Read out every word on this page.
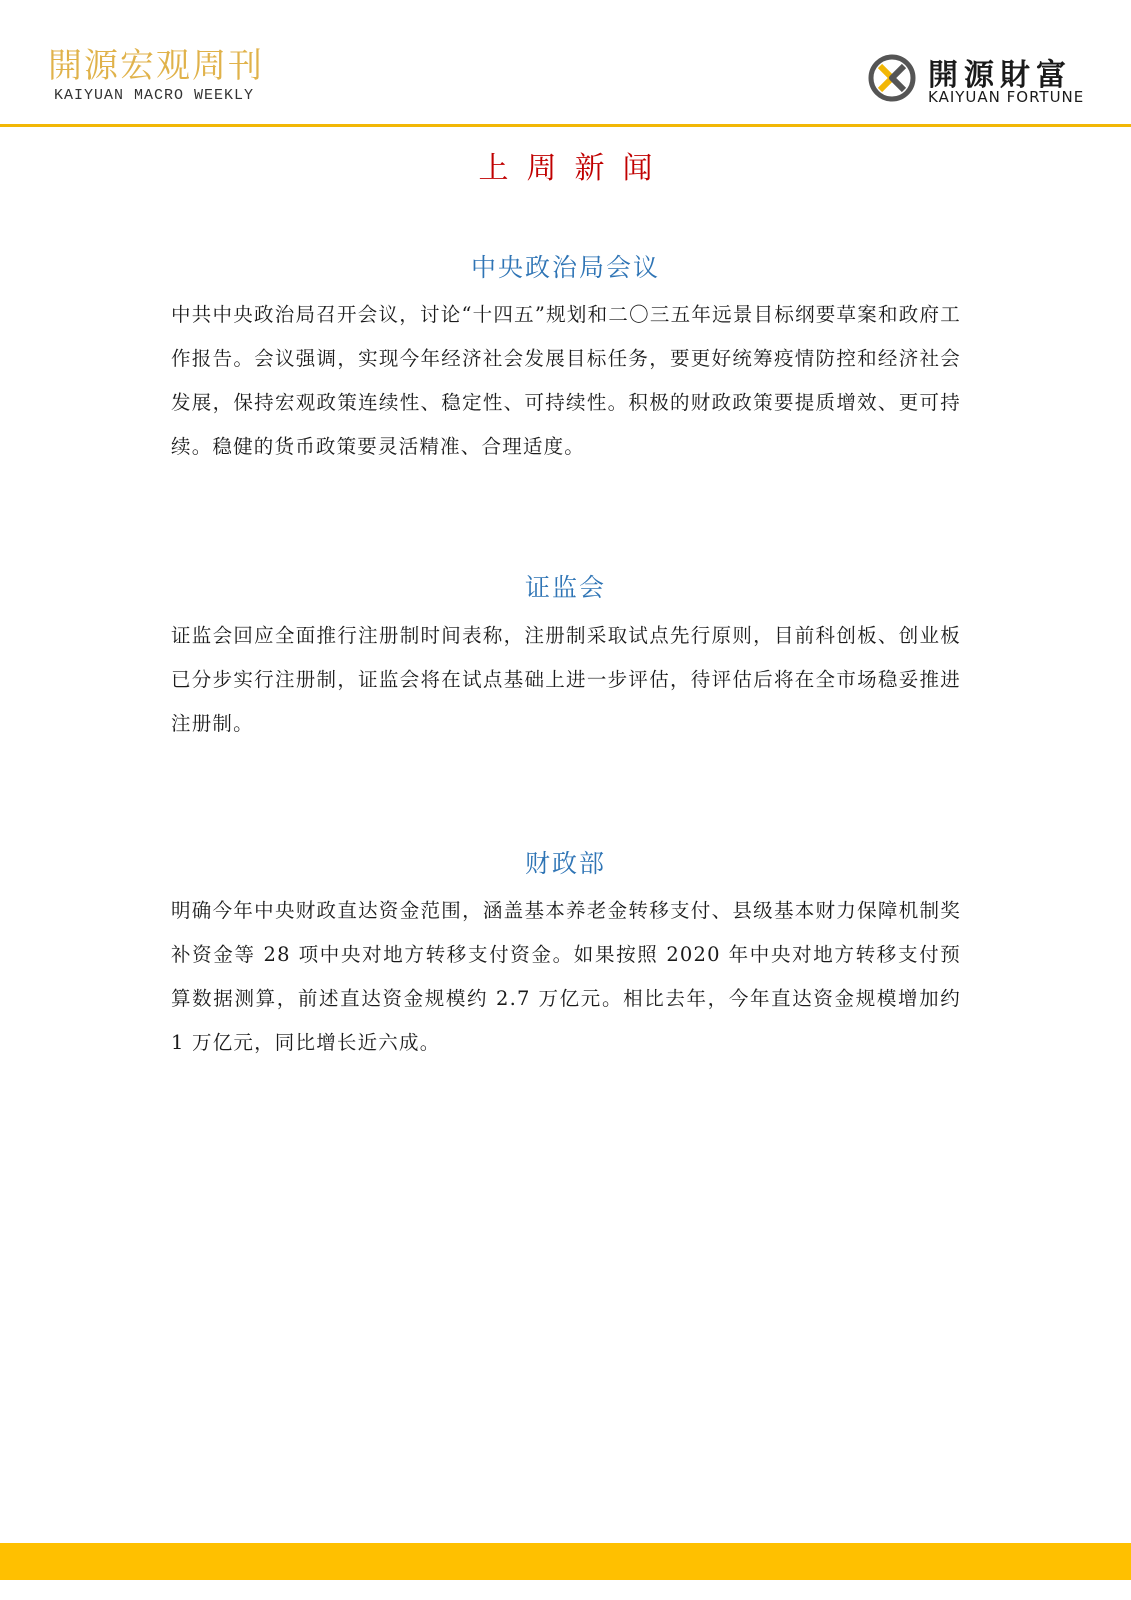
開源宏观周刊
KAIYUAN MACRO WEEKLY
開源財富
KAIYUAN FORTUNE
上周新闻
中央政治局会议

中共中央政治局召开会议，讨论“十四五”规划和二〇三五年远景目标纲要草案和政府工作报告。会议强调，实现今年经济社会发展目标任务，要更好统筹疫情防控和经济社会发展，保持宏观政策连续性、稳定性、可持续性。积极的财政政策要提质增效、更可持续。稳健的货币政策要灵活精准、合理适度。

证监会

证监会回应全面推行注册制时间表称，注册制采取试点先行原则，目前科创板、创业板已分步实行注册制，证监会将在试点基础上进一步评估，待评估后将在全市场稳妥推进注册制。

财政部

明确今年中央财政直达资金范围，涵盖基本养老金转移支付、县级基本财力保障机制奖补资金等 28 项中央对地方转移支付资金。如果按照 2020 年中央对地方转移支付预算数据测算，前述直达资金规模约 2.7 万亿元。相比去年，今年直达资金规模增加约 1 万亿元，同比增长近六成。
